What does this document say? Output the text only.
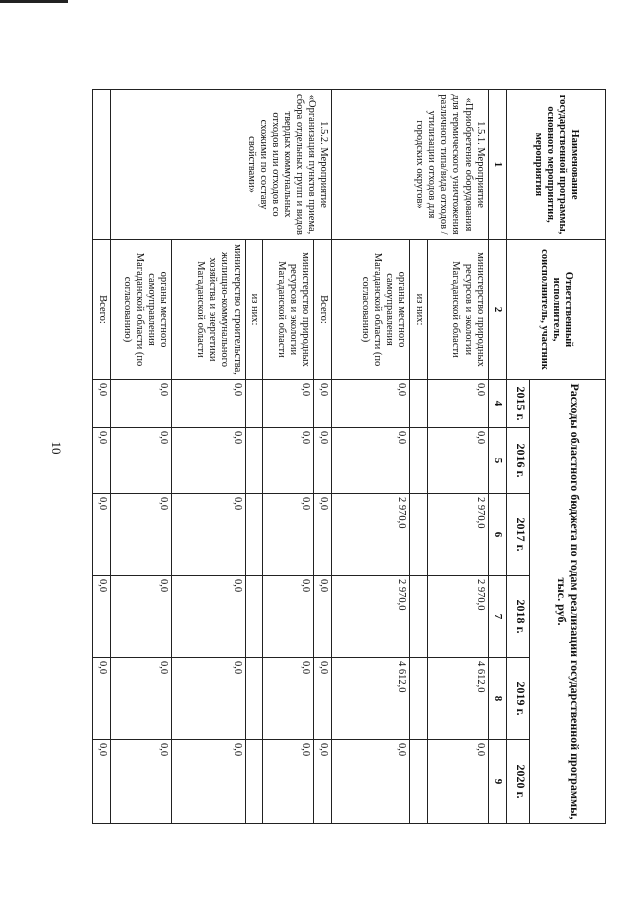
10
Наименование государственной программы, основного мероприятия, мероприятия	Ответственный исполнитель, соисполнитель, участник	Расходы областного бюджета по годам реализации государственной программы, тыс. руб.					
		2015 г.	2016 г.	2017 г.	2018 г.	2019 г.	2020 г.
1	2	4	5	6	7	8	9
1.5.1. Мероприятие «Приобретение оборудования для термического уничтожения различного типа/вида отходов /утилизации отходов для городских округов»	министерство природных ресурсов и экологии Магаданской области	0,0	0,0	2 970,0	2 970,0	4 612,0	0,0
	из них:						
	органы местного самоуправления Магаданской области (по согласованию)	0,0	0,0	2 970,0	2 970,0	4 612,0	0,0
1.5.2. Мероприятие «Организация пунктов приема, сбора отдельных групп и видов твердых коммунальных отходов или отходов со схожими по составу свойствами»	Всего:	0,0	0,0	0,0	0,0	0,0	0,0
	министерство природных ресурсов и экологии Магаданской области	0,0	0,0	0,0	0,0	0,0	0,0
	из них:						
	министерство строительства, жилищно-коммунального хозяйства и энергетики Магаданской области	0,0	0,0	0,0	0,0	0,0	0,0
	органы местного самоуправления Магаданской области (по согласованию)	0,0	0,0	0,0	0,0	0,0	0,0
	Всего:	0,0	0,0	0,0	0,0	0,0	0,0
